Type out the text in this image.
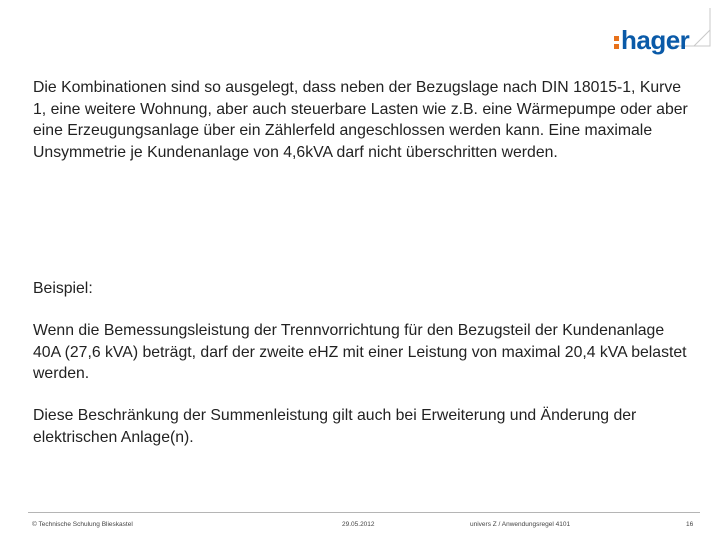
hager
Die Kombinationen sind so ausgelegt, dass neben der Bezugslage nach DIN 18015-1, Kurve 1, eine weitere Wohnung, aber auch steuerbare Lasten wie z.B. eine Wärmepumpe oder aber eine Erzeugungsanlage über ein Zählerfeld angeschlossen werden kann. Eine maximale Unsymmetrie je Kundenanlage von 4,6kVA darf nicht überschritten werden.
Beispiel:
Wenn die Bemessungsleistung der Trennvorrichtung für den Bezugsteil der Kundenanlage 40A (27,6 kVA) beträgt, darf der zweite eHZ mit einer Leistung von maximal 20,4 kVA belastet werden.
Diese Beschränkung der Summenleistung gilt auch bei Erweiterung und Änderung der elektrischen Anlage(n).
© Technische Schulung Blieskastel	29.05.2012	univers Z / Anwendungsregel 4101	16
